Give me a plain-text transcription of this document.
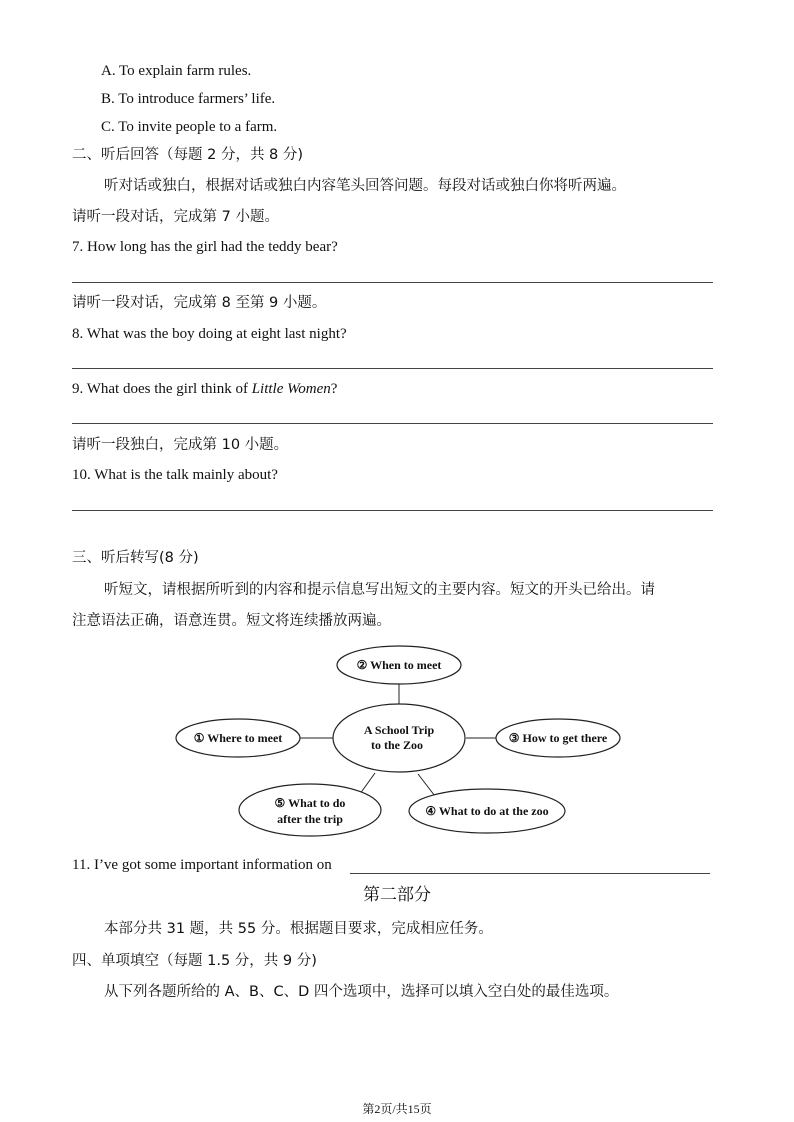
A. To explain farm rules.
B. To introduce farmers’ life.
C. To invite people to a farm.
二、听后回答（每题 2 分，共 8 分)
听对话或独白，根据对话或独白内容笔头回答问题。每段对话或独白你将听两遍。
请听一段对话，完成第 7 小题。
7. How long has the girl had the teddy bear?
请听一段对话，完成第 8 至第 9 小题。
8. What was the boy doing at eight last night?
9. What does the girl think of Little Women?
请听一段独白，完成第 10 小题。
10. What is the talk mainly about?
三、听后转写(8 分)
听短文，请根据所听到的内容和提示信息写出短文的主要内容。短文的开头已给出。请
注意语法正确，语意连贯。短文将连续播放两遍。
② When to meet
① Where to meet
A School Trip
to the Zoo	③ How to get there
⑤ What to do
after the trip
④ What to do at the zoo
11. I’ve got some important information on
第二部分
本部分共 31 题，共 55 分。根据题目要求，完成相应任务。
四、单项填空（每题 1.5 分，共 9 分)
从下列各题所给的 A、B、C、D 四个选项中，选择可以填入空白处的最佳选项。
第2页/共15页
